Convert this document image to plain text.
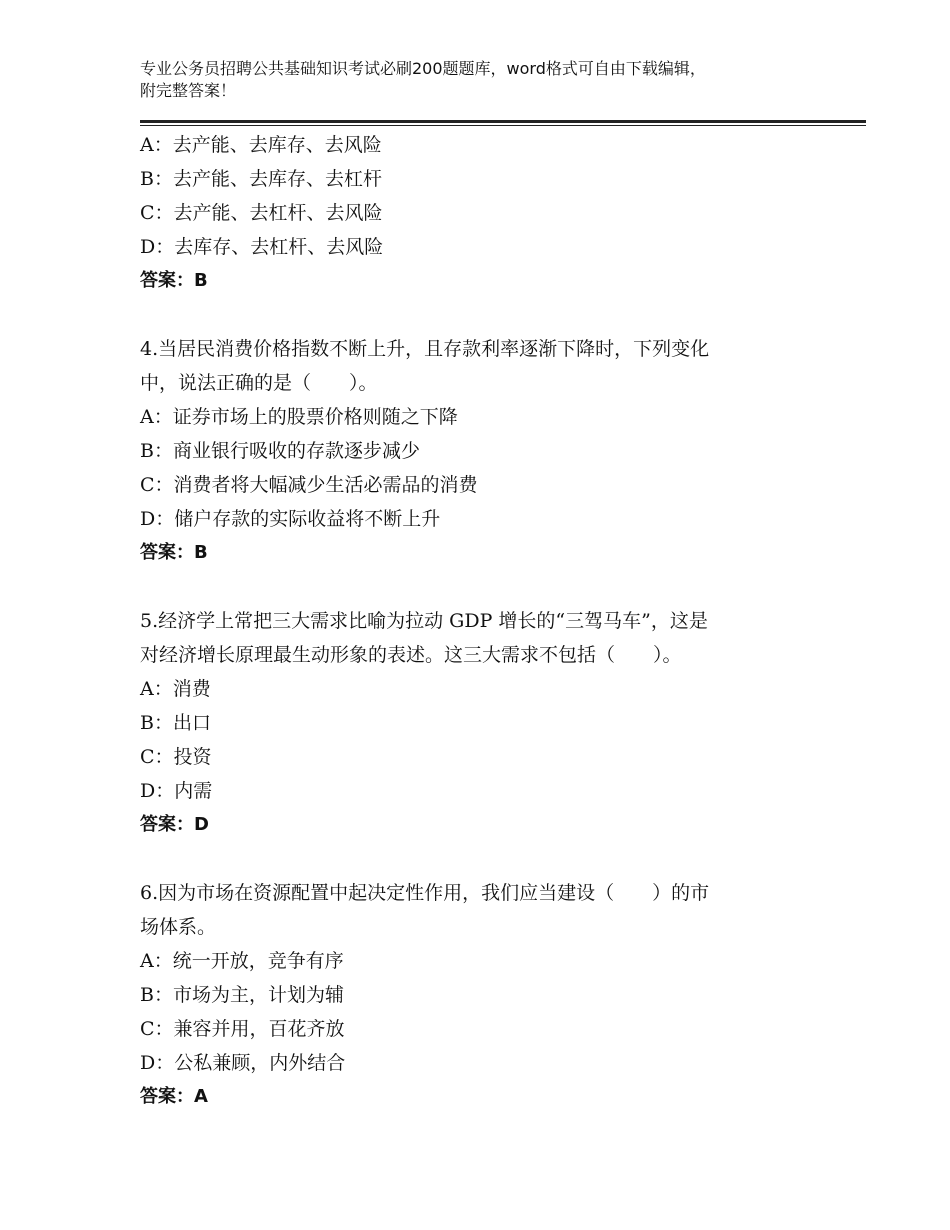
专业公务员招聘公共基础知识考试必刷200题题库，word格式可自由下载编辑，
附完整答案！
A：去产能、去库存、去风险
B：去产能、去库存、去杠杆
C：去产能、去杠杆、去风险
D：去库存、去杠杆、去风险
答案：B
4.当居民消费价格指数不断上升，且存款利率逐渐下降时，下列变化
中，说法正确的是（　　）。
A：证券市场上的股票价格则随之下降
B：商业银行吸收的存款逐步减少
C：消费者将大幅减少生活必需品的消费
D：储户存款的实际收益将不断上升
答案：B
5.经济学上常把三大需求比喻为拉动 GDP 增长的“三驾马车”，这是
对经济增长原理最生动形象的表述。这三大需求不包括（　　）。
A：消费
B：出口
C：投资
D：内需
答案：D
6.因为市场在资源配置中起决定性作用，我们应当建设（　　）的市
场体系。
A：统一开放，竞争有序
B：市场为主，计划为辅
C：兼容并用，百花齐放
D：公私兼顾，内外结合
答案：A
